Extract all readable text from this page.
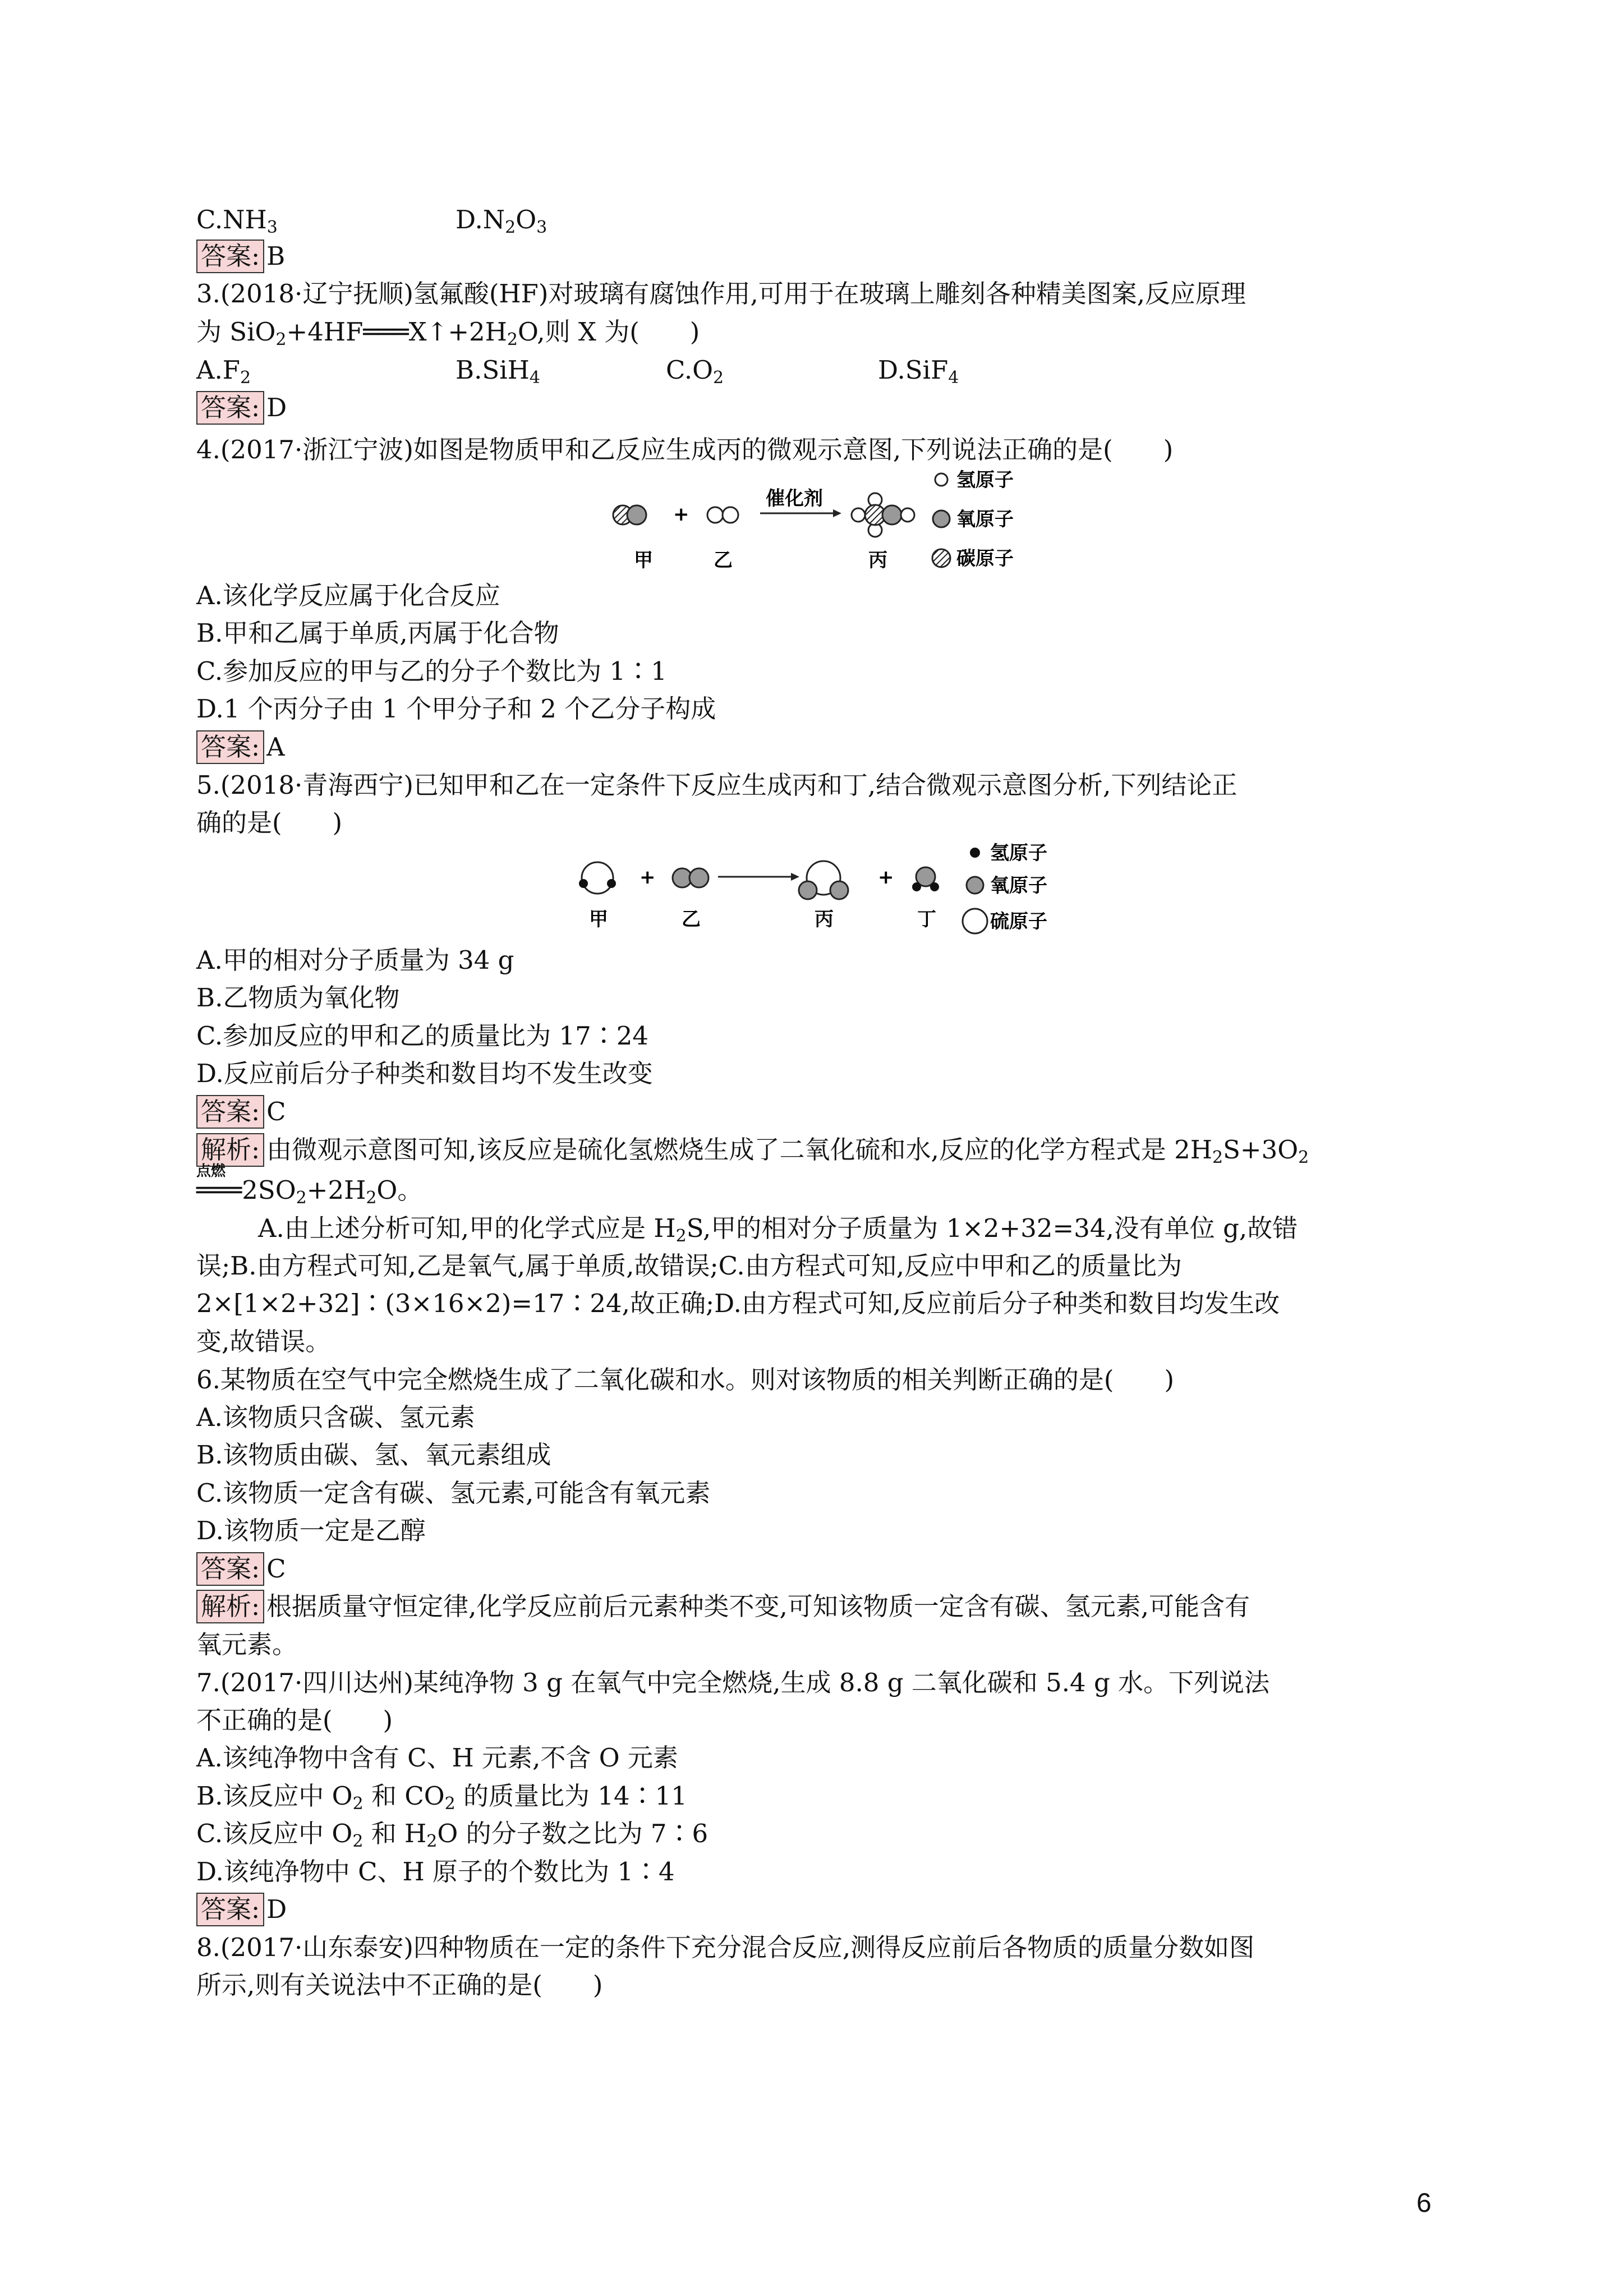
$C.NH_3$	$D.N_2O_3$
答案: B
3.(2018·辽宁抚顺)氢氟酸(HF)对玻璃有腐蚀作用,可用于在玻璃上雕刻各种精美图案,反应原理
为 $SiO_2+4HF═══X↑+2H_2O$,则 X 为(　　)
$A.F_2$	B.SiH$_4$	$C.O_2$	D.SiF$_4$
答案: D
4.(2017·浙江宁波)如图是物质甲和乙反应生成丙的微观示意图,下列说法正确的是(　　)
+
催化剂
甲	乙	丙
氢原子
氧原子
碳原子
A.该化学反应属于化合反应
B.甲和乙属于单质,丙属于化合物
C.参加反应的甲与乙的分子个数比为 1∶1
D.1 个丙分子由 1 个甲分子和 2 个乙分子构成
答案: A
5.(2018·青海西宁)已知甲和乙在一定条件下反应生成丙和丁,结合微观示意图分析,下列结论正
确的是(　　)
+	+
甲	乙	丙	丁
氢原子
氧原子
硫原子
A.甲的相对分子质量为 34 g
B.乙物质为氧化物
C.参加反应的甲和乙的质量比为 17∶24
D.反应前后分子种类和数目均不发生改变
答案: C
解析: 由微观示意图可知,该反应是硫化氢燃烧生成了二氧化硫和水,反应的化学方程式是 $2H_2S+3O_2$
点燃
$═══2SO_2+2H_2O$。
A.由上述分析可知,甲的化学式应是 $H_2S$,甲的相对分子质量为 1×2+32=34,没有单位 g,故错
误;B.由方程式可知,乙是氧气,属于单质,故错误;C.由方程式可知,反应中甲和乙的质量比为
2×[1×2+32]∶(3×16×2)=17∶24,故正确;D.由方程式可知,反应前后分子种类和数目均发生改
变,故错误。
6.某物质在空气中完全燃烧生成了二氧化碳和水。则对该物质的相关判断正确的是(　　)
A.该物质只含碳、氢元素
B.该物质由碳、氢、氧元素组成
C.该物质一定含有碳、氢元素,可能含有氧元素
D.该物质一定是乙醇
答案: C
解析: 根据质量守恒定律,化学反应前后元素种类不变,可知该物质一定含有碳、氢元素,可能含有
氧元素。
7.(2017·四川达州)某纯净物 3 g 在氧气中完全燃烧,生成 8.8 g 二氧化碳和 5.4 g 水。下列说法
不正确的是(　　)
A.该纯净物中含有 C、H 元素,不含 O 元素
B.该反应中 $O_2$ 和 $CO_2$ 的质量比为 14∶11
C.该反应中 $O_2$ 和 $H_2O$ 的分子数之比为 7∶6
D.该纯净物中 C、H 原子的个数比为 1∶4
答案: D
8.(2017·山东泰安)四种物质在一定的条件下充分混合反应,测得反应前后各物质的质量分数如图
所示,则有关说法中不正确的是(　　)
6
